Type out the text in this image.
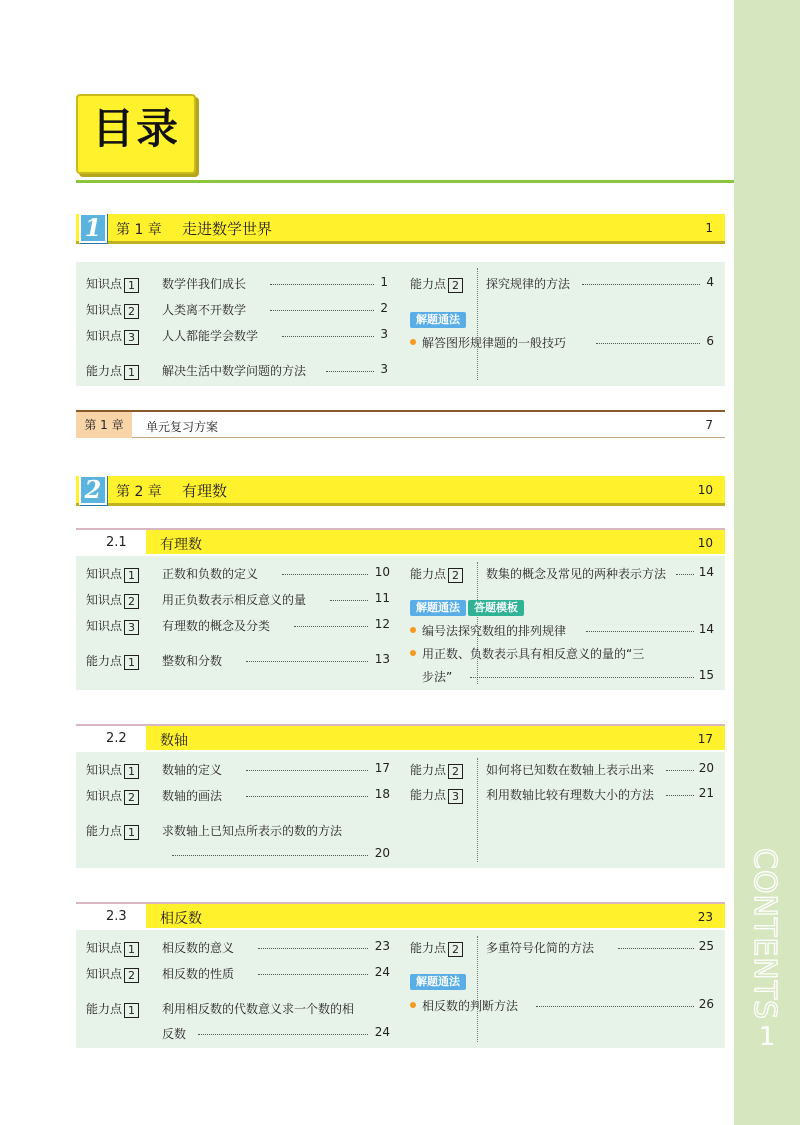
CONTENTS
1
目录
1	第 1 章 走进数学世界	1
知识点 1	数学伴我们成长	1
知识点 2	人类离不开数学	2
知识点 3	人人都能学会数学	3
能力点 1	解决生活中数学问题的方法	3
能力点 2	探究规律的方法	4
解题通法
解答图形规律题的一般技巧	6
第 1 章	单元复习方案	7
2	第 2 章 有理数	10
2.1 有理数	10
知识点 1	正数和负数的定义	10
知识点 2	用正负数表示相反意义的量	11
知识点 3	有理数的概念及分类	12
能力点 1	整数和分数	13
能力点 2	数集的概念及常见的两种表示方法	14
解题通法 答题模板
编号法探究数组的排列规律	14
用正数、负数表示具有相反意义的量的“三
步法”	15
2.2 数轴	17
知识点 1	数轴的定义	17
知识点 2	数轴的画法	18
能力点 1	求数轴上已知点所表示的数的方法
20
能力点 2	如何将已知数在数轴上表示出来	20
能力点 3	利用数轴比较有理数大小的方法	21
2.3 相反数	23
知识点 1	相反数的意义	23
知识点 2	相反数的性质	24
能力点 1	利用相反数的代数意义求一个数的相
反数	24
能力点 2	多重符号化简的方法	25
解题通法
相反数的判断方法	26
